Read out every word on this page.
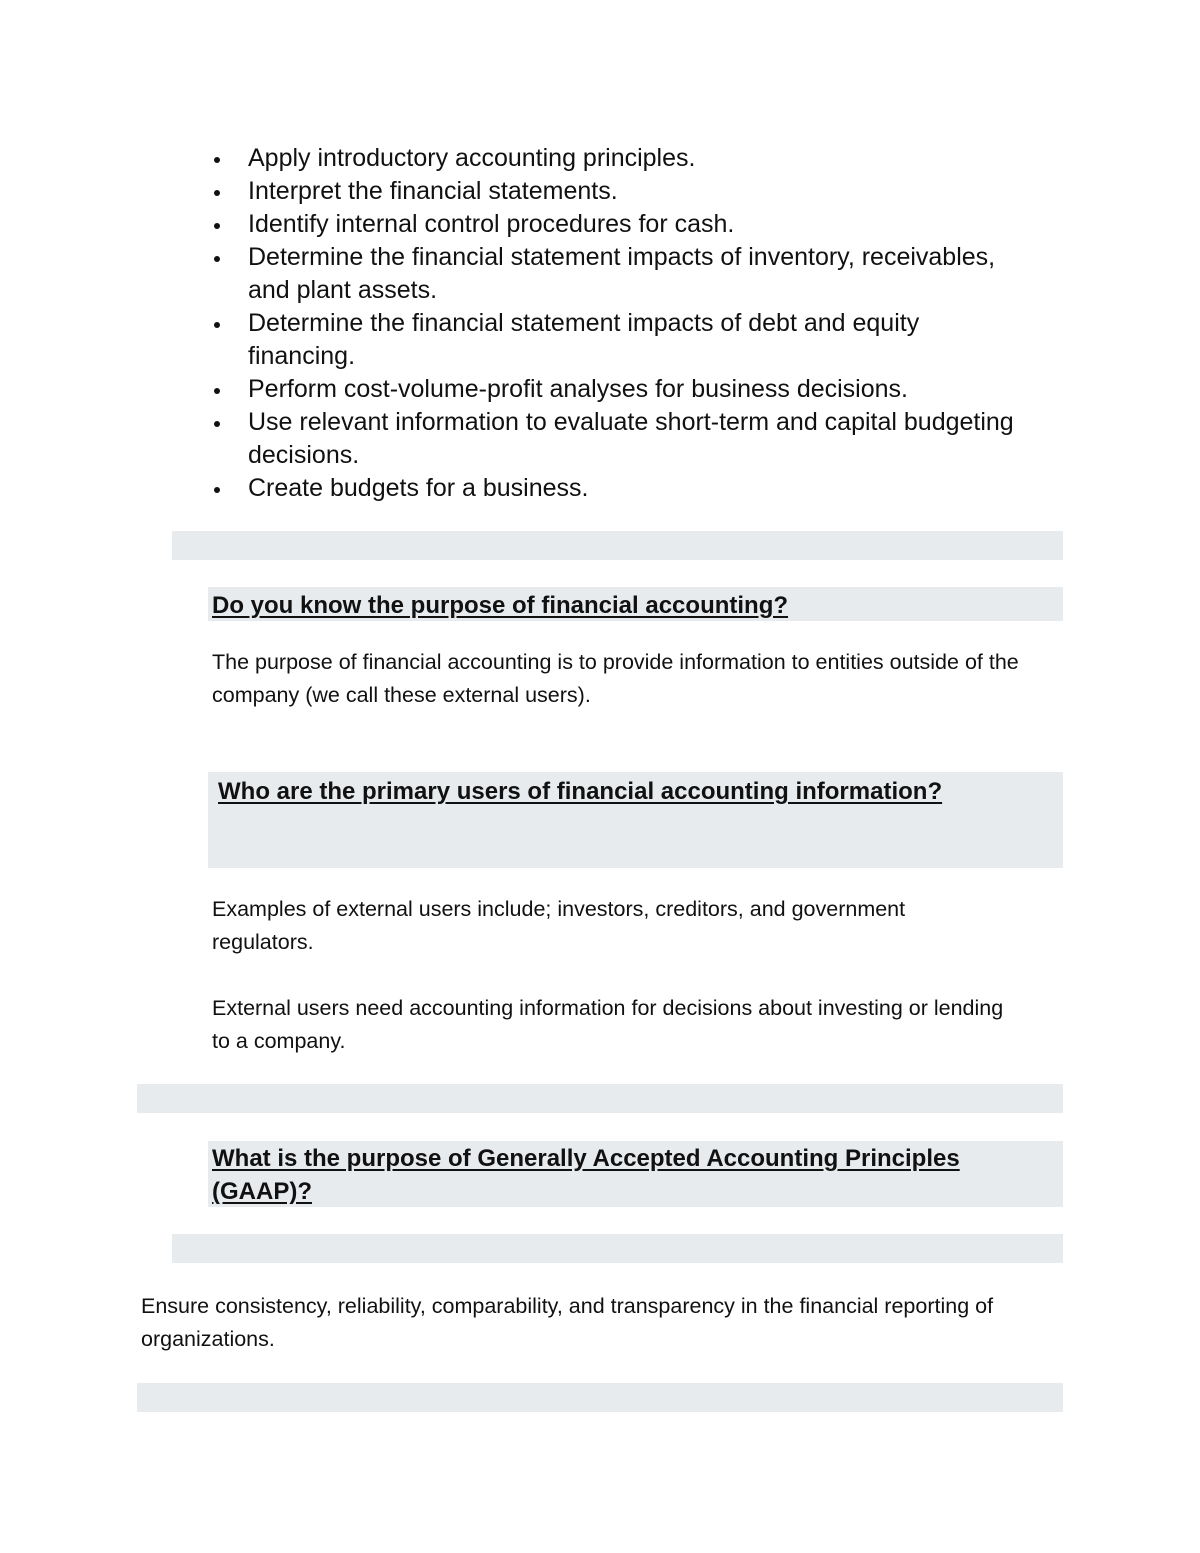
Apply introductory accounting principles.
Interpret the financial statements.
Identify internal control procedures for cash.
Determine the financial statement impacts of inventory, receivables, and plant assets.
Determine the financial statement impacts of debt and equity financing.
Perform cost-volume-profit analyses for business decisions.
Use relevant information to evaluate short-term and capital budgeting decisions.
Create budgets for a business.
Do you know the purpose of financial accounting?

The purpose of financial accounting is to provide information to entities outside of the company (we call these external users).

Who are the primary users of financial accounting information?

Examples of external users include; investors, creditors, and government regulators.

External users need accounting information for decisions about investing or lending to a company.

What is the purpose of Generally Accepted Accounting Principles (GAAP)?

Ensure consistency, reliability, comparability, and transparency in the financial reporting of organizations.
